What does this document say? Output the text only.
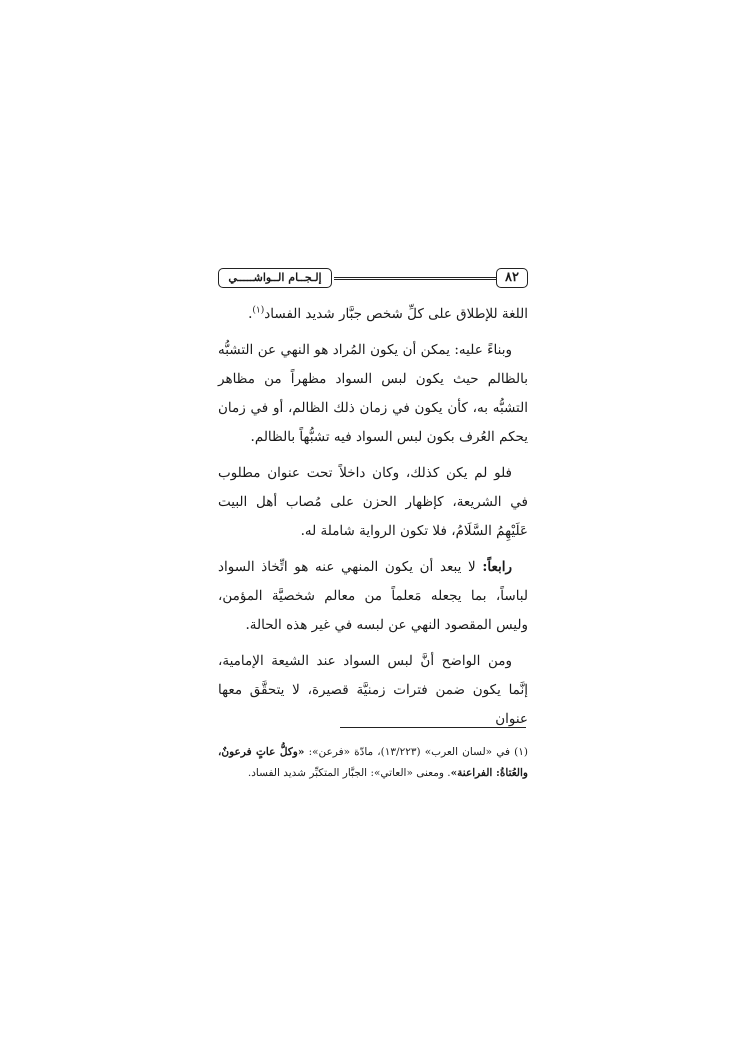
٨٢
إلـجــام الــواشـــــي

اللغة للإطلاق على كلِّ شخص جبَّار شديد الفساد$^{(١)}$.

وبناءً عليه: يمكن أن يكون المُراد هو النهي عن التشبُّه بالظالم حيث يكون لبس السواد مظهراً من مظاهر التشبُّه به، كأن يكون في زمان ذلك الظالم، أو في زمان يحكم العُرف بكون لبس السواد فيه تشبُّهاً بالظالم.

فلو لم يكن كذلك، وكان داخلاً تحت عنوان مطلوب في الشريعة، كإظهار الحزن على مُصاب أهل البيت عَلَيْهِمُ السَّلَامُ، فلا تكون الرواية شاملة له.

رابعاً: لا يبعد أن يكون المنهي عنه هو اتِّخاذ السواد لباساً، بما يجعله مَعلماً من معالم شخصيَّة المؤمن، وليس المقصود النهي عن لبسه في غير هذه الحالة.

ومن الواضح أنَّ لبس السواد عند الشيعة الإمامية، إنَّما يكون ضمن فترات زمنيَّة قصيرة، لا يتحقَّق معها عنوان

(١) في «لسان العرب» (١٣/٢٢٣)، مادّة «فرعن»: «وكلُّ عاتٍ فرعونٌ، والعُتاةُ: الفراعنة». ومعنى «العاتي»: الجبَّار المتكبِّر شديد الفساد.
